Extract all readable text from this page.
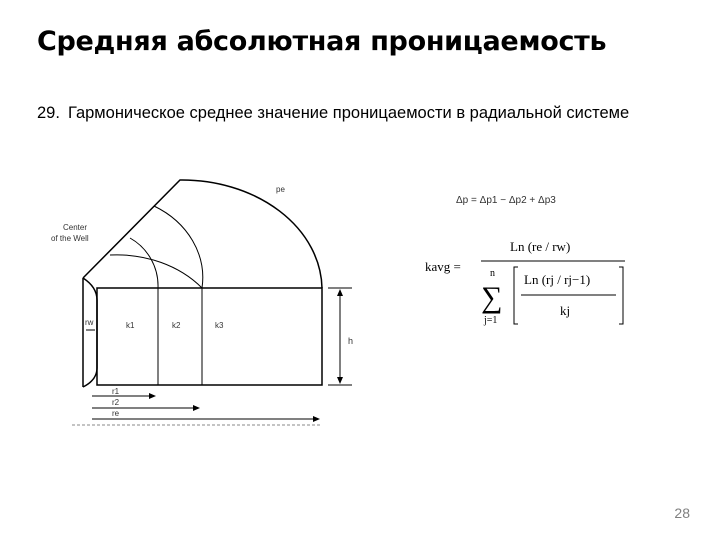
Средняя абсолютная проницаемость
29. Гармоническое среднее значение проницаемости в радиальной системе
Center
of the Well
pe
rw	k1	k2	k3
h
r1
r2
re
Δp = Δp1 − Δp2 + Δp3
kavg =
Ln (re / rw)
n
∑
j=1
Ln (rj / rj−1)
kj
28
